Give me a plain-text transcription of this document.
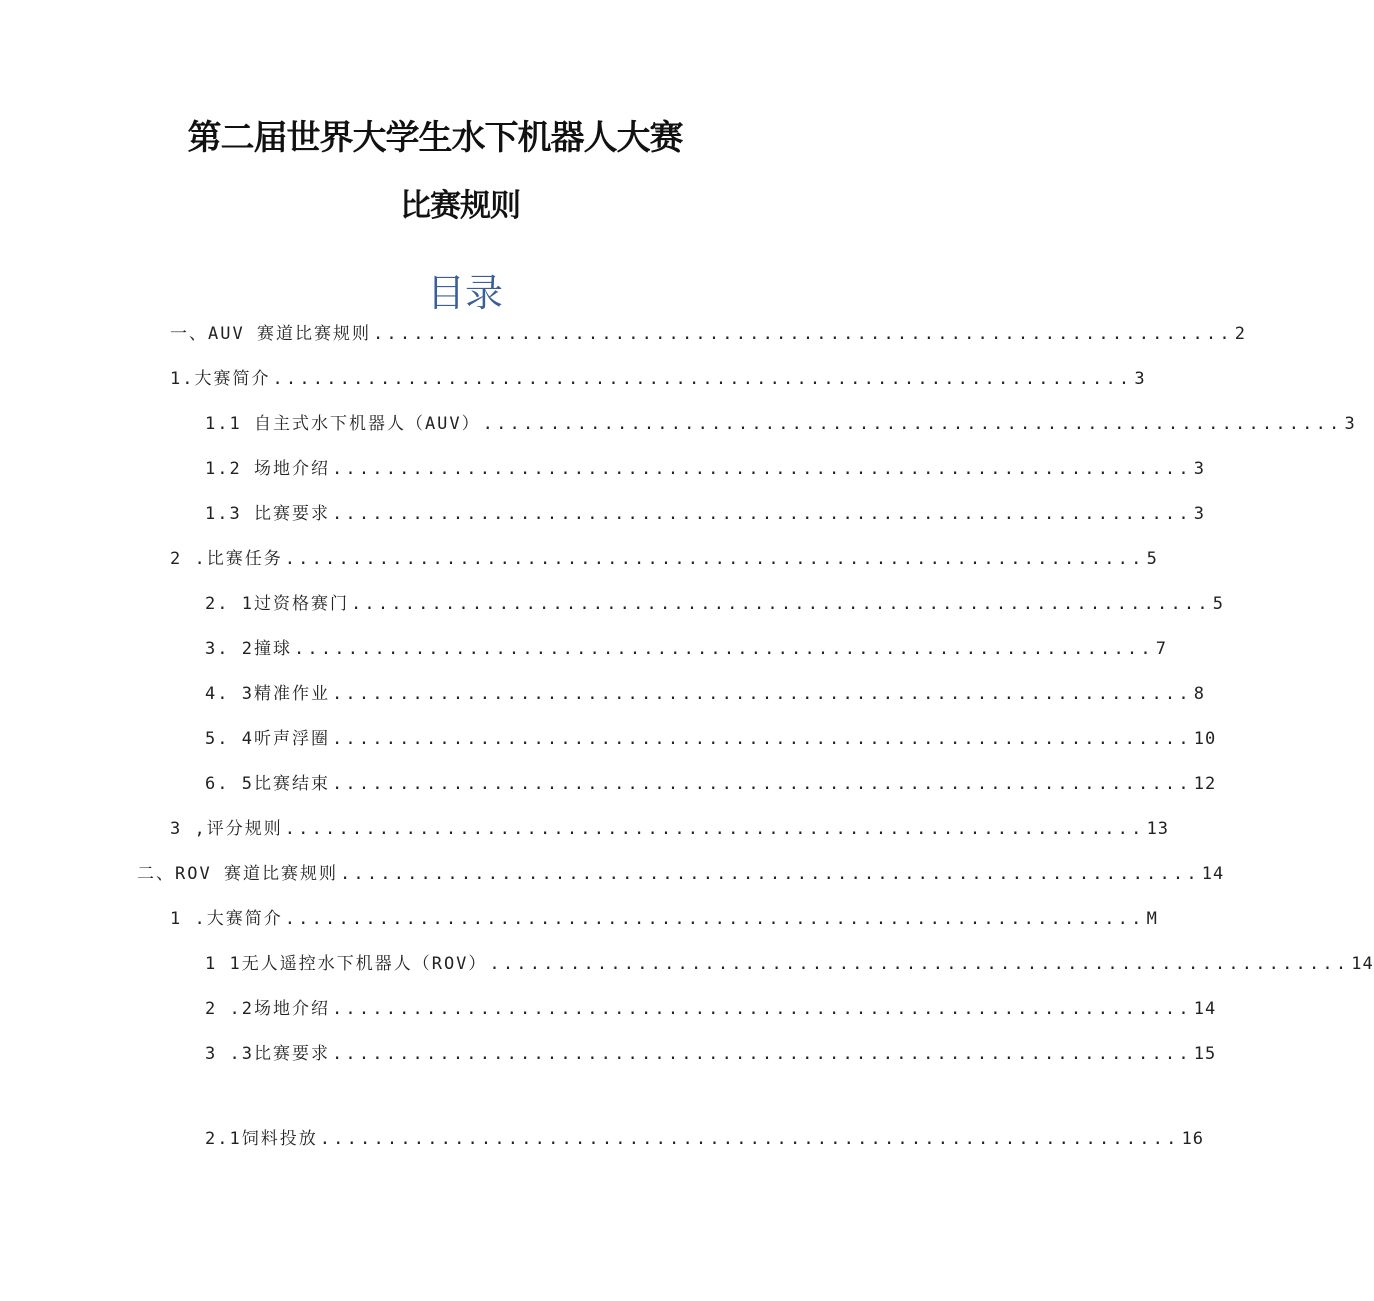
第二届世界大学生水下机器人大赛
比赛规则
目录
一、AUV 赛道比赛规则 ................................................................ 2
1.大赛简介 ................................................................ 3
1.1 自主式水下机器人（AUV） ................................................................ 3
1.2 场地介绍 ................................................................ 3
1.3 比赛要求 ................................................................ 3
2 .比赛任务 ................................................................ 5
2. 1过资格赛门 ................................................................ 5
3. 2撞球 ................................................................ 7
4. 3精准作业 ................................................................ 8
5. 4听声浮圈 ................................................................ 10
6. 5比赛结束 ................................................................ 12
3 ,评分规则 ................................................................ 13
二、ROV 赛道比赛规则 ................................................................ 14
1 .大赛简介 ................................................................ M
1 1无人遥控水下机器人（ROV） ................................................................ 14
2 .2场地介绍 ................................................................ 14
3 .3比赛要求 ................................................................ 15
2.1饲料投放 ................................................................ 16
